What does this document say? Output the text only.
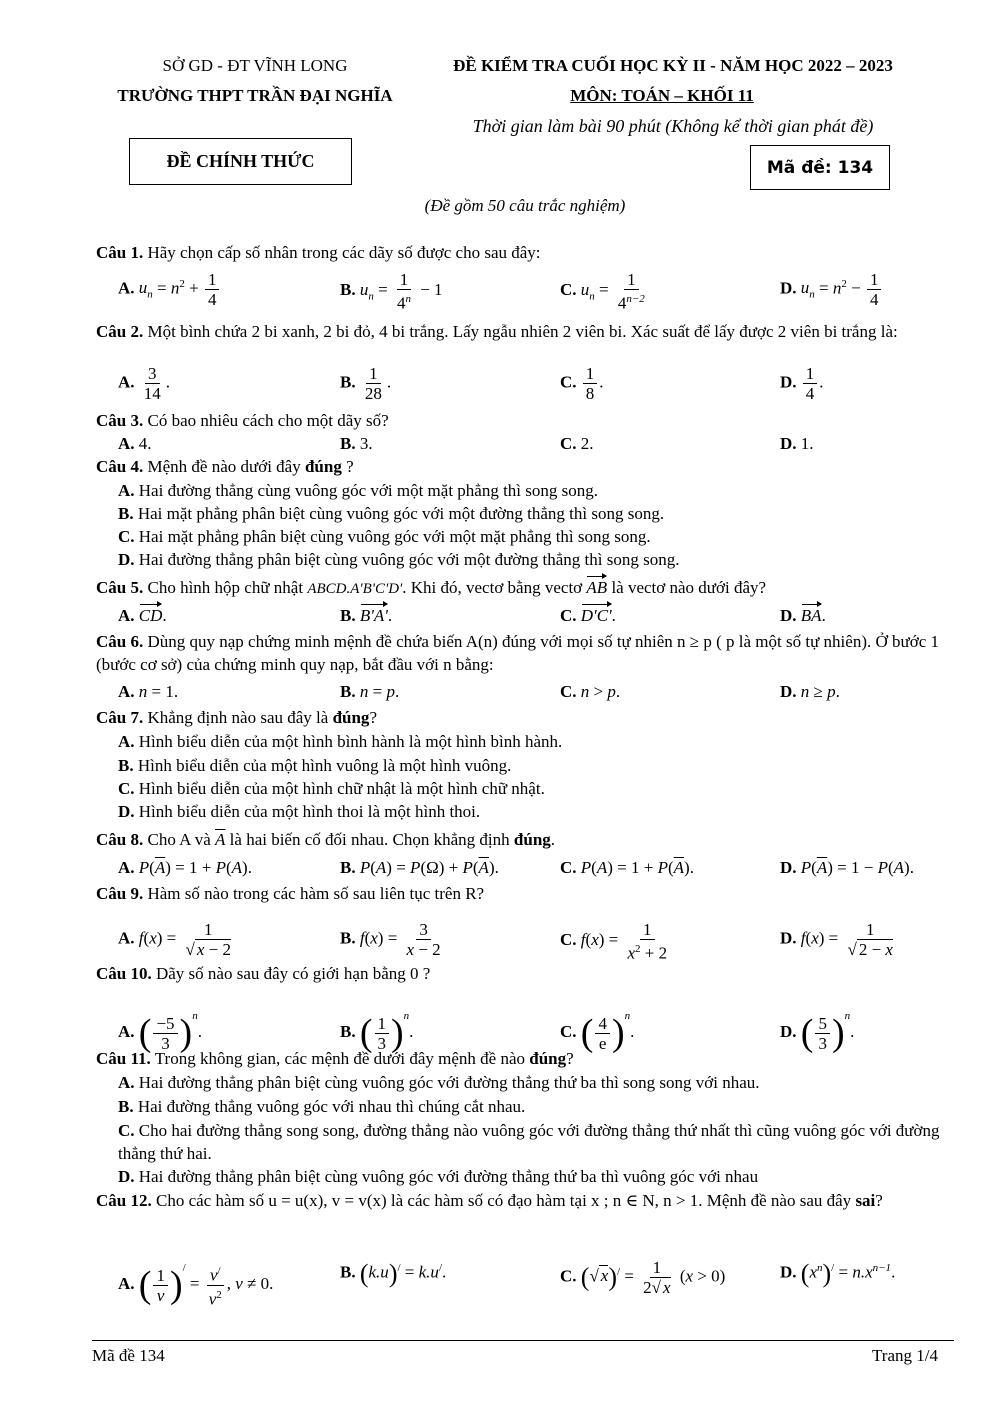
SỞ GD - ĐT VĨNH LONG
TRƯỜNG THPT TRẦN ĐẠI NGHĨA
ĐỀ KIỂM TRA CUỐI HỌC KỲ II - NĂM HỌC 2022 – 2023
MÔN: TOÁN – KHỐI 11
Thời gian làm bài 90 phút (Không kể thời gian phát đề)
ĐỀ CHÍNH THỨC	Mã đề: 134
(Đề gồm 50 câu trắc nghiệm)
Câu 1. Hãy chọn cấp số nhân trong các dãy số được cho sau đây:
A. $u_n = n^2 + \frac{1}{4}$	B. $u_n = \frac{1}{4^n} - 1$	C. $u_n = \frac{1}{4^{n-2}}$	D. $u_n = n^2 - \frac{1}{4}$
Câu 2. Một bình chứa 2 bi xanh, 2 bi đỏ, 4 bi trắng. Lấy ngẫu nhiên 2 viên bi. Xác suất để lấy được 2 viên bi trắng là:
A. $\frac{3}{14}$ .	B. $\frac{1}{28}$ .	C. $\frac{1}{8}$ .	D. $\frac{1}{4}$ .
Câu 3. Có bao nhiêu cách cho một dãy số?
A. 4.	B. 3.	C. 2.	D. 1.
Câu 4. Mệnh đề nào dưới đây đúng ?
A. Hai đường thẳng cùng vuông góc với một mặt phẳng thì song song.
B. Hai mặt phẳng phân biệt cùng vuông góc với một đường thẳng thì song song.
C. Hai mặt phẳng phân biệt cùng vuông góc với một mặt phẳng thì song song.
D. Hai đường thẳng phân biệt cùng vuông góc với một đường thẳng thì song song.
Câu 5. Cho hình hộp chữ nhật ABCD.A'B'C'D'. Khi đó, vectơ bằng vectơ AB là vectơ nào dưới đây?
A. CD.	B. B'A'.	C. D'C'.	D. BA.
Câu 6. Dùng quy nạp chứng minh mệnh đề chứa biến A(n) đúng với mọi số tự nhiên n ≥ p ( p là một số tự nhiên). Ở bước 1 (bước cơ sở) của chứng minh quy nạp, bắt đầu với n bằng:
A. n = 1.	B. n = p.	C. n > p.	D. n ≥ p.
Câu 7. Khẳng định nào sau đây là đúng?
A. Hình biểu diễn của một hình bình hành là một hình bình hành.
B. Hình biểu diễn của một hình vuông là một hình vuông.
C. Hình biểu diễn của một hình chữ nhật là một hình chữ nhật.
D. Hình biểu diễn của một hình thoi là một hình thoi.
Câu 8. Cho A và $\overline{A}$ là hai biến cố đối nhau. Chọn khẳng định đúng.
A. $P(\overline{A}) = 1 + P(A)$.	B. $P(A) = P(\Omega) + P(\overline{A})$.	C. $P(A) = 1 + P(\overline{A})$.	D. $P(\overline{A}) = 1 - P(A)$.
Câu 9. Hàm số nào trong các hàm số sau liên tục trên R?
A. $f(x) = \frac{1}{√ x - 2}$	B. $f(x) = \frac{3}{x - 2}$	C. $f(x) = \frac{1}{x^2 + 2}$	D. $f(x) = \frac{1}{√ 2 - x}$
Câu 10. Dãy số nào sau đây có giới hạn bằng 0 ?
A. ( $\frac{-5}{3} )^n$.	B. ( $\frac{1}{3} )^n$.	C. ( $\frac{4}{e} )^n$.	D. ( $\frac{5}{3} )^n$.
Câu 11. Trong không gian, các mệnh đề dưới đây mệnh đề nào đúng?
A. Hai đường thẳng phân biệt cùng vuông góc với đường thẳng thứ ba thì song song với nhau.
B. Hai đường thẳng vuông góc với nhau thì chúng cắt nhau.
C. Cho hai đường thẳng song song, đường thẳng nào vuông góc với đường thẳng thứ nhất thì cũng vuông góc với đường thẳng thứ hai.
D. Hai đường thẳng phân biệt cùng vuông góc với đường thẳng thứ ba thì vuông góc với nhau
Câu 12. Cho các hàm số u = u(x), v = v(x) là các hàm số có đạo hàm tại x ; n ∈ N, n > 1. Mệnh đề nào sau đây sai?
A. ( $\frac{1}{v} )^/ = \frac{v^/}{v^2}$ , v ≠ 0.
B. (k.u)/ = k.u/.	C. (√ $x)^/ = \frac{1}{2√ x} (x > 0)$	D. $(x^n)^/ = n.x^{n-1}$.
Mã đề 134	Trang 1/4
